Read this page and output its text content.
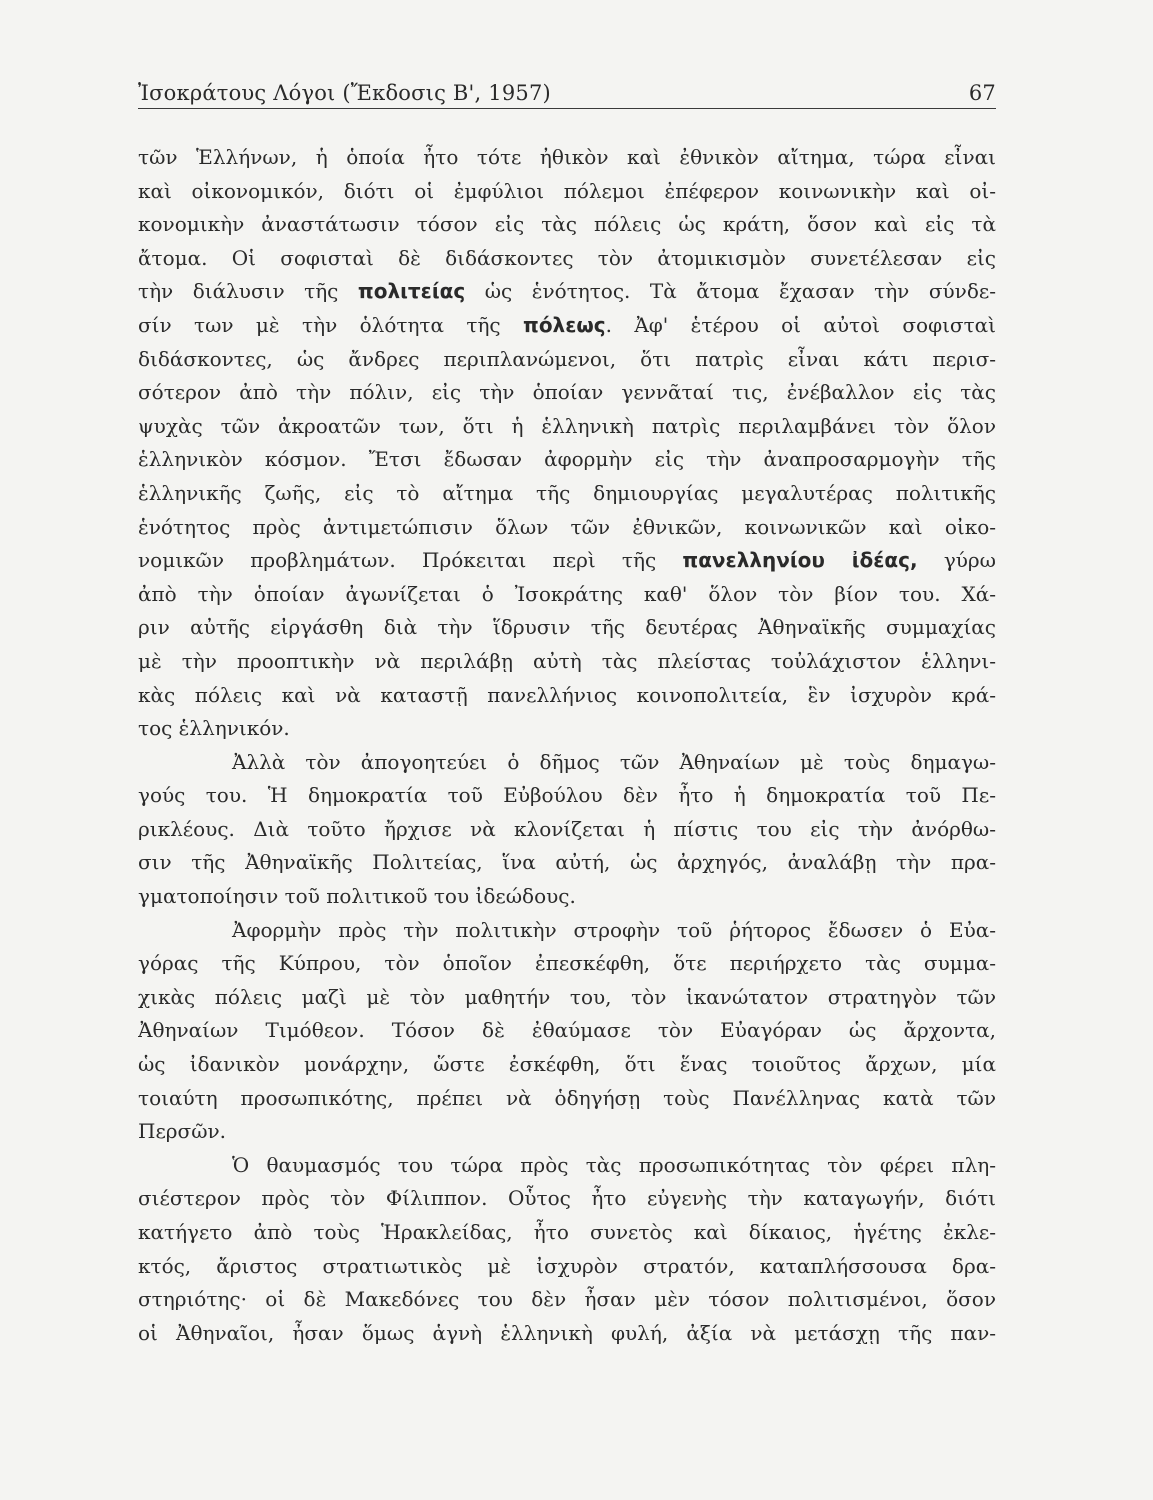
Ἰσοκράτους Λόγοι (Ἔκδοσις Β', 1957)	67
τῶν Ἑλλήνων, ἡ ὁποία ἦτο τότε ἠθικὸν καὶ ἐθνικὸν αἴτημα, τώρα εἶναι
καὶ οἰκονομικόν, διότι οἱ ἐμφύλιοι πόλεμοι ἐπέφερον κοινωνικὴν καὶ οἰ-
κονομικὴν ἀναστάτωσιν τόσον εἰς τὰς πόλεις ὡς κράτη, ὅσον καὶ εἰς τὰ
ἄτομα. Οἱ σοφισταὶ δὲ διδάσκοντες τὸν ἀτομικισμὸν συνετέλεσαν εἰς
τὴν διάλυσιν τῆς πολιτείας ὡς ἑνότητος. Τὰ ἄτομα ἔχασαν τὴν σύνδε-
σίν των μὲ τὴν ὁλότητα τῆς πόλεως. Ἀφ' ἑτέρου οἱ αὐτοὶ σοφισταὶ
διδάσκοντες, ὡς ἄνδρες περιπλανώμενοι, ὅτι πατρὶς εἶναι κάτι περισ-
σότερον ἀπὸ τὴν πόλιν, εἰς τὴν ὁποίαν γεννᾶταί τις, ἐνέβαλλον εἰς τὰς
ψυχὰς τῶν ἀκροατῶν των, ὅτι ἡ ἑλληνικὴ πατρὶς περιλαμβάνει τὸν ὅλον
ἑλληνικὸν κόσμον. Ἔτσι ἔδωσαν ἀφορμὴν εἰς τὴν ἀναπροσαρμογὴν τῆς
ἑλληνικῆς ζωῆς, εἰς τὸ αἴτημα τῆς δημιουργίας μεγαλυτέρας πολιτικῆς
ἑνότητος πρὸς ἀντιμετώπισιν ὅλων τῶν ἐθνικῶν, κοινωνικῶν καὶ οἰκο-
νομικῶν προβλημάτων. Πρόκειται περὶ τῆς πανελληνίου ἰδέας, γύρω
ἀπὸ τὴν ὁποίαν ἀγωνίζεται ὁ Ἰσοκράτης καθ' ὅλον τὸν βίον του. Χά-
ριν αὐτῆς εἰργάσθη διὰ τὴν ἵδρυσιν τῆς δευτέρας Ἀθηναϊκῆς συμμαχίας
μὲ τὴν προοπτικὴν νὰ περιλάβῃ αὐτὴ τὰς πλείστας τοὐλάχιστον ἑλληνι-
κὰς πόλεις καὶ νὰ καταστῇ πανελλήνιος κοινοπολιτεία, ἓν ἰσχυρὸν κρά-
τος ἑλληνικόν.
Ἀλλὰ τὸν ἀπογοητεύει ὁ δῆμος τῶν Ἀθηναίων μὲ τοὺς δημαγω-
γούς του. Ἡ δημοκρατία τοῦ Εὐβούλου δὲν ἦτο ἡ δημοκρατία τοῦ Πε-
ρικλέους. Διὰ τοῦτο ἤρχισε νὰ κλονίζεται ἡ πίστις του εἰς τὴν ἀνόρθω-
σιν τῆς Ἀθηναϊκῆς Πολιτείας, ἵνα αὐτή, ὡς ἀρχηγός, ἀναλάβῃ τὴν πρα-
γματοποίησιν τοῦ πολιτικοῦ του ἰδεώδους.
Ἀφορμὴν πρὸς τὴν πολιτικὴν στροφὴν τοῦ ῥήτορος ἔδωσεν ὁ Εὐα-
γόρας τῆς Κύπρου, τὸν ὁποῖον ἐπεσκέφθη, ὅτε περιήρχετο τὰς συμμα-
χικὰς πόλεις μαζὶ μὲ τὸν μαθητήν του, τὸν ἱκανώτατον στρατηγὸν τῶν
Ἀθηναίων Τιμόθεον. Τόσον δὲ ἐθαύμασε τὸν Εὐαγόραν ὡς ἄρχοντα,
ὡς ἰδανικὸν μονάρχην, ὥστε ἐσκέφθη, ὅτι ἕνας τοιοῦτος ἄρχων, μία
τοιαύτη προσωπικότης, πρέπει νὰ ὁδηγήσῃ τοὺς Πανέλληνας κατὰ τῶν
Περσῶν.
Ὁ θαυμασμός του τώρα πρὸς τὰς προσωπικότητας τὸν φέρει πλη-
σιέστερον πρὸς τὸν Φίλιππον. Οὗτος ἦτο εὐγενὴς τὴν καταγωγήν, διότι
κατήγετο ἀπὸ τοὺς Ἡρακλείδας, ἦτο συνετὸς καὶ δίκαιος, ἡγέτης ἐκλε-
κτός, ἄριστος στρατιωτικὸς μὲ ἰσχυρὸν στρατόν, καταπλήσσουσα δρα-
στηριότης· οἱ δὲ Μακεδόνες του δὲν ἦσαν μὲν τόσον πολιτισμένοι, ὅσον
οἱ Ἀθηναῖοι, ἦσαν ὅμως ἁγνὴ ἑλληνικὴ φυλή, ἀξία νὰ μετάσχῃ τῆς παν-
